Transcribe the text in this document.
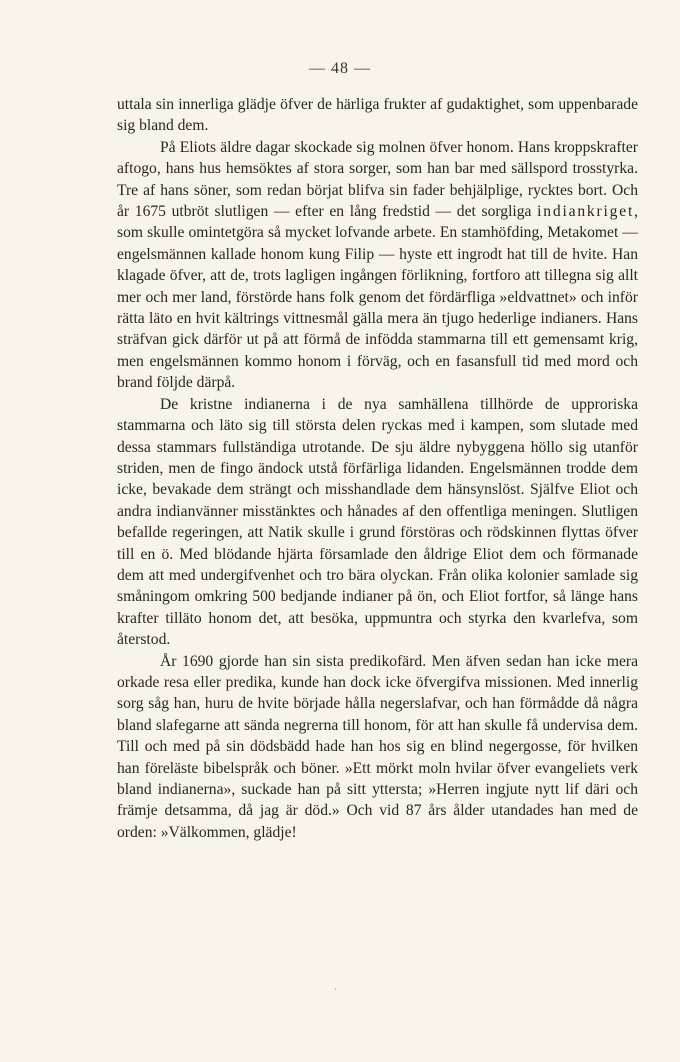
— 48 —

uttala sin innerliga glädje öfver de härliga frukter af gudaktighet, som uppenbarade sig bland dem.

På Eliots äldre dagar skockade sig molnen öfver honom. Hans kroppskrafter aftogo, hans hus hemsöktes af stora sorger, som han bar med sällspord trosstyrka. Tre af hans söner, som redan börjat blifva sin fader behjälplige, rycktes bort. Och år 1675 utbröt slutligen — efter en lång fredstid — det sorgliga indiankriget, som skulle omintetgöra så mycket lofvande arbete. En stamhöfding, Metakomet — engelsmännen kallade honom kung Filip — hyste ett ingrodt hat till de hvite. Han klagade öfver, att de, trots lagligen ingången förlikning, fortforo att tillegna sig allt mer och mer land, förstörde hans folk genom det fördärfliga »eldvattnet» och inför rätta läto en hvit kältrings vittnesmål gälla mera än tjugo hederlige indianers. Hans sträfvan gick därför ut på att förmå de infödda stammarna till ett gemensamt krig, men engelsmännen kommo honom i förväg, och en fasansfull tid med mord och brand följde därpå.

De kristne indianerna i de nya samhällena tillhörde de upproriska stammarna och läto sig till största delen ryckas med i kampen, som slutade med dessa stammars fullständiga utrotande. De sju äldre nybyggena höllo sig utanför striden, men de fingo ändock utstå förfärliga lidanden. Engelsmännen trodde dem icke, bevakade dem strängt och misshandlade dem hänsynslöst. Själfve Eliot och andra indianvänner misstänktes och hånades af den offentliga meningen. Slutligen befallde regeringen, att Natik skulle i grund förstöras och rödskinnen flyttas öfver till en ö. Med blödande hjärta församlade den åldrige Eliot dem och förmanade dem att med undergifvenhet och tro bära olyckan. Från olika kolonier samlade sig småningom omkring 500 bedjande indianer på ön, och Eliot fortfor, så länge hans krafter tilläto honom det, att besöka, uppmuntra och styrka den kvarlefva, som återstod.

År 1690 gjorde han sin sista predikofärd. Men äfven sedan han icke mera orkade resa eller predika, kunde han dock icke öfvergifva missionen. Med innerlig sorg såg han, huru de hvite började hålla negerslafvar, och han förmådde då några bland slafegarne att sända negrerna till honom, för att han skulle få undervisa dem. Till och med på sin dödsbädd hade han hos sig en blind negergosse, för hvilken han föreläste bibelspråk och böner. »Ett mörkt moln hvilar öfver evangeliets verk bland indianerna», suckade han på sitt yttersta; »Herren ingjute nytt lif däri och främje detsamma, då jag är död.» Och vid 87 års ålder utandades han med de orden: »Välkommen, glädje!

·
